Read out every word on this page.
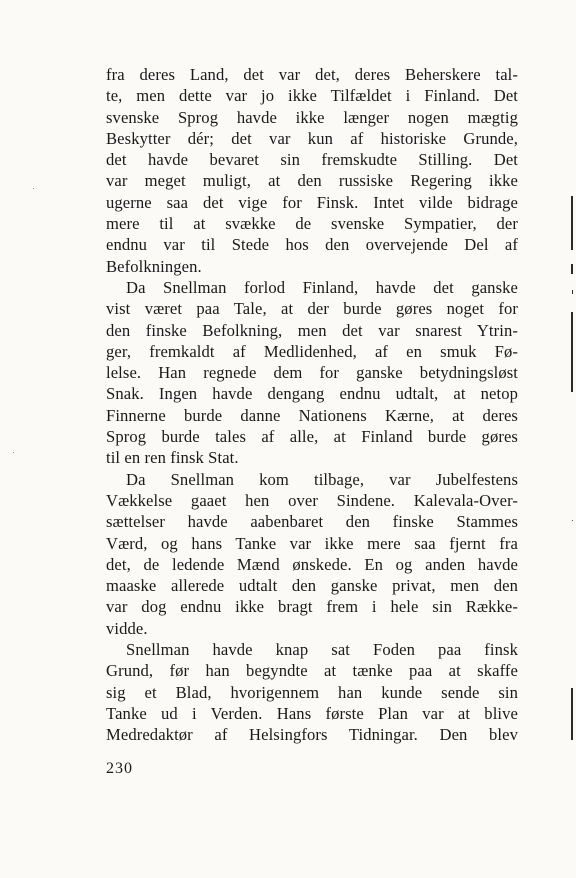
fra deres Land, det var det, deres Beherskere tal-
te, men dette var jo ikke Tilfældet i Finland. Det
svenske Sprog havde ikke længer nogen mægtig
Beskytter dér; det var kun af historiske Grunde,
det havde bevaret sin fremskudte Stilling. Det
var meget muligt, at den russiske Regering ikke
ugerne saa det vige for Finsk. Intet vilde bidrage
mere til at svække de svenske Sympatier, der
endnu var til Stede hos den overvejende Del af
Befolkningen.
Da Snellman forlod Finland, havde det ganske
vist været paa Tale, at der burde gøres noget for
den finske Befolkning, men det var snarest Ytrin-
ger, fremkaldt af Medlidenhed, af en smuk Fø-
lelse. Han regnede dem for ganske betydningsløst
Snak. Ingen havde dengang endnu udtalt, at netop
Finnerne burde danne Nationens Kærne, at deres
Sprog burde tales af alle, at Finland burde gøres
til en ren finsk Stat.
Da Snellman kom tilbage, var Jubelfestens
Vækkelse gaaet hen over Sindene. Kalevala-Over-
sættelser havde aabenbaret den finske Stammes
Værd, og hans Tanke var ikke mere saa fjernt fra
det, de ledende Mænd ønskede. En og anden havde
maaske allerede udtalt den ganske privat, men den
var dog endnu ikke bragt frem i hele sin Række-
vidde.
Snellman havde knap sat Foden paa finsk
Grund, før han begyndte at tænke paa at skaffe
sig et Blad, hvorigennem han kunde sende sin
Tanke ud i Verden. Hans første Plan var at blive
Medredaktør af Helsingfors Tidningar. Den blev
230
